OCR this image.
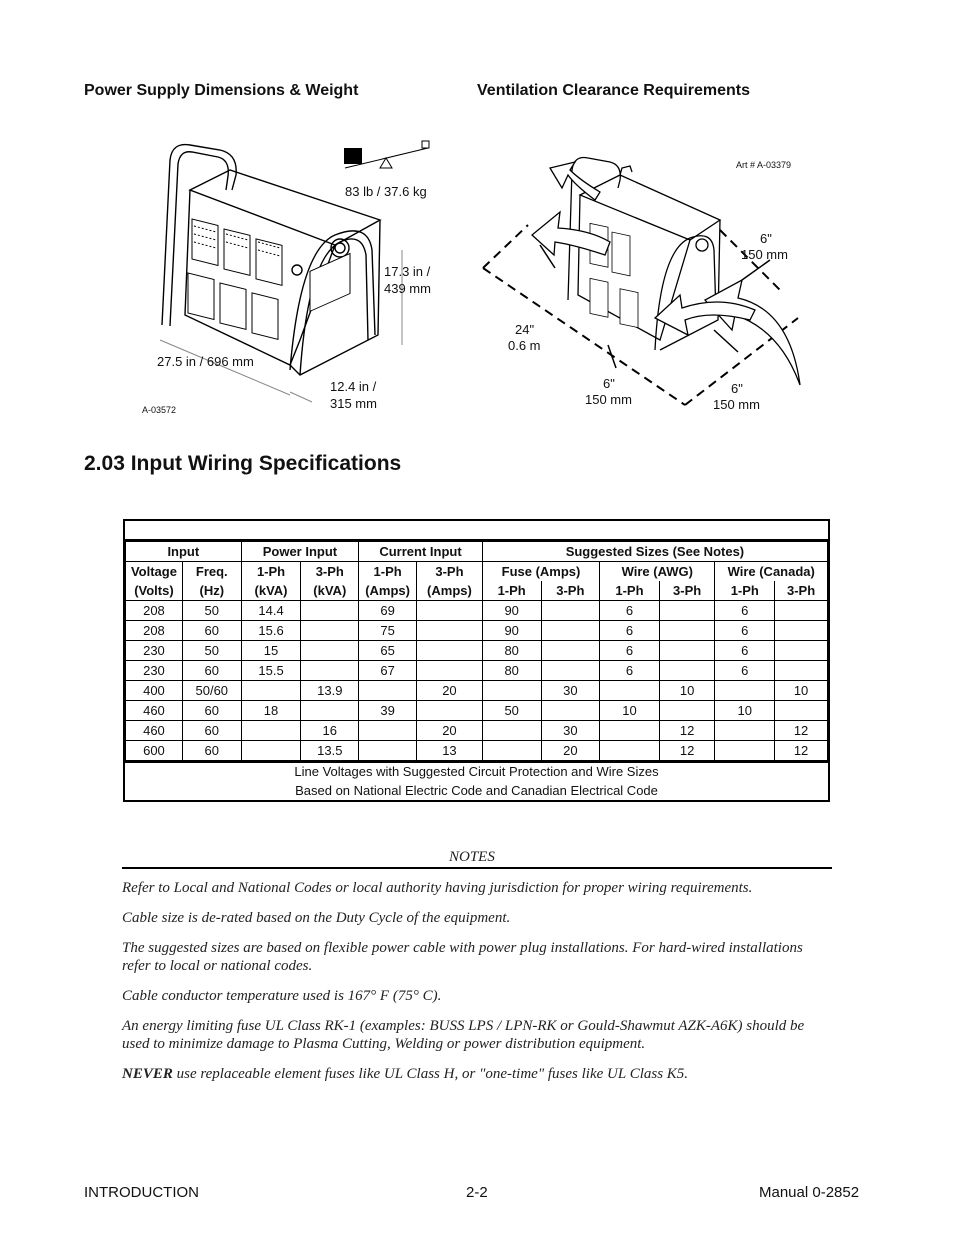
Power Supply Dimensions & Weight	Ventilation Clearance Requirements
83 lb / 37.6 kg
17.3 in /
439 mm
27.5 in / 696 mm
12.4 in /
315 mm
A-03572
Art # A-03379
6"
150 mm
24"
0.6 m
6"
150 mm
6"
150 mm
2.03 Input Wiring Specifications
Input		Power Input		Current Input		Suggested Sizes (See Notes)					
Voltage	Freq.	1-Ph	3-Ph	1-Ph	3-Ph	Fuse (Amps)		Wire (AWG)		Wire (Canada)	
(Volts)	(Hz)	(kVA)	(kVA)	(Amps)	(Amps)	1-Ph	3-Ph	1-Ph	3-Ph	1-Ph	3-Ph
208	50	14.4		69		90		6		6	
208	60	15.6		75		90		6		6	
230	50	15		65		80		6		6	
230	60	15.5		67		80		6		6	
400	50/60		13.9		20		30		10		10
460	60	18		39		50		10		10	
460	60		16		20		30		12		12
600	60		13.5		13		20		12		12
Line Voltages with Suggested Circuit Protection and Wire Sizes
Based on National Electric Code and Canadian Electrical Code
NOTES

Refer to Local and National Codes or local authority having jurisdiction for proper wiring requirements.

Cable size is de-rated based on the Duty Cycle of the equipment.

The suggested sizes are based on flexible power cable with power plug installations. For hard-wired installations refer to local or national codes.

Cable conductor temperature used is 167° F (75° C).

An energy limiting fuse UL Class RK-1 (examples: BUSS LPS / LPN-RK or Gould-Shawmut AZK-A6K) should be used to minimize damage to Plasma Cutting, Welding or power distribution equipment.

NEVER use replaceable element fuses like UL Class H, or "one-time" fuses like UL Class K5.

INTRODUCTION	2-2	Manual 0-2852
